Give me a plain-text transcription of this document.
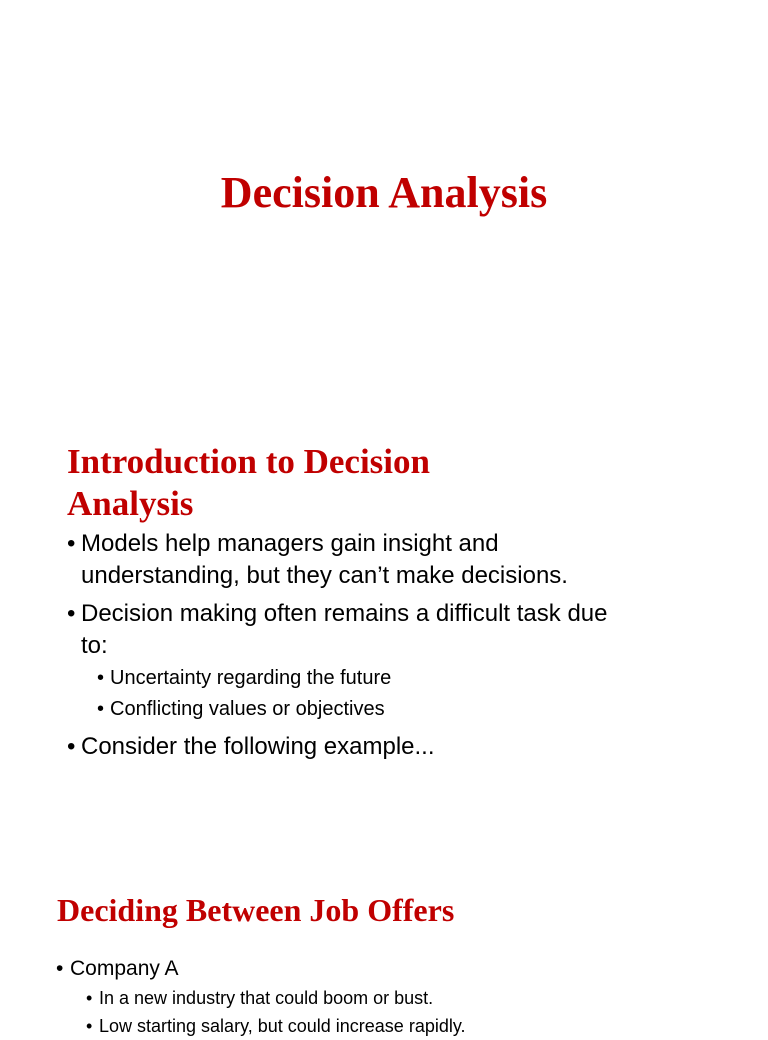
Decision Analysis
Introduction to Decision
Analysis
• Models help managers gain insight and
understanding, but they can’t make decisions.
• Decision making often remains a difficult task due
to:
• Uncertainty regarding the future
• Conflicting values or objectives
• Consider the following example...
Deciding Between Job Offers
• Company A
• In a new industry that could boom or bust.
• Low starting salary, but could increase rapidly.
